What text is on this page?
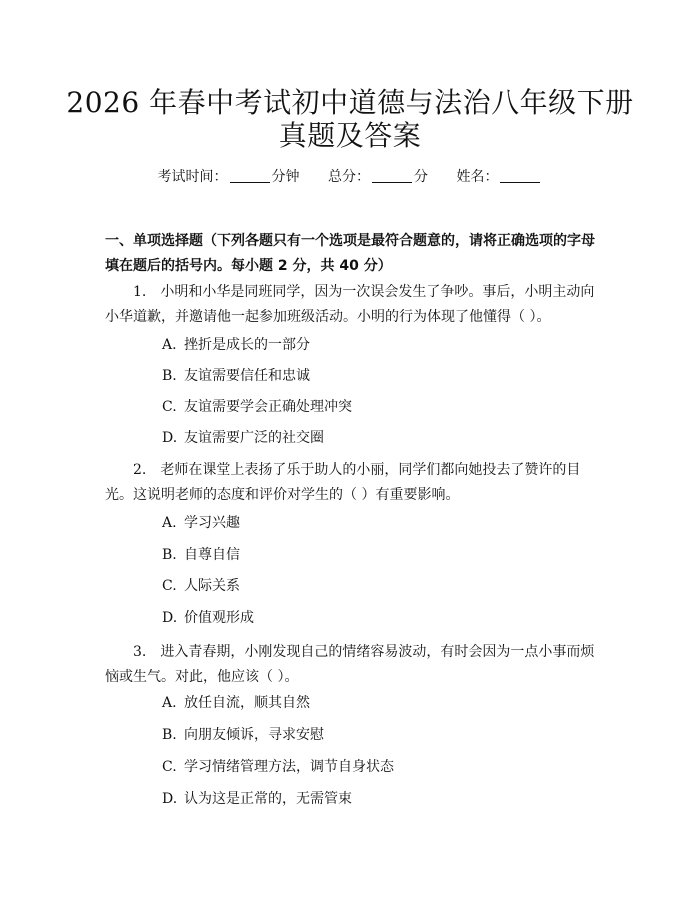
2026 年春中考试初中道德与法治八年级下册
真题及答案
考试时间：	分钟 总分：	分 姓名：
一、单项选择题（下列各题只有一个选项是最符合题意的，请将正确选项的字母填在题后的括号内。每小题 2 分，共 40 分）
1.　小明和小华是同班同学，因为一次误会发生了争吵。事后，小明主动向小华道歉，并邀请他一起参加班级活动。小明的行为体现了他懂得（ ）。
A. 挫折是成长的一部分
B. 友谊需要信任和忠诚
C. 友谊需要学会正确处理冲突
D. 友谊需要广泛的社交圈
2.　老师在课堂上表扬了乐于助人的小丽，同学们都向她投去了赞许的目光。这说明老师的态度和评价对学生的（ ）有重要影响。
A. 学习兴趣
B. 自尊自信
C. 人际关系
D. 价值观形成
3.　进入青春期，小刚发现自己的情绪容易波动，有时会因为一点小事而烦恼或生气。对此，他应该（ ）。
A. 放任自流，顺其自然
B. 向朋友倾诉，寻求安慰
C. 学习情绪管理方法，调节自身状态
D. 认为这是正常的，无需管束
